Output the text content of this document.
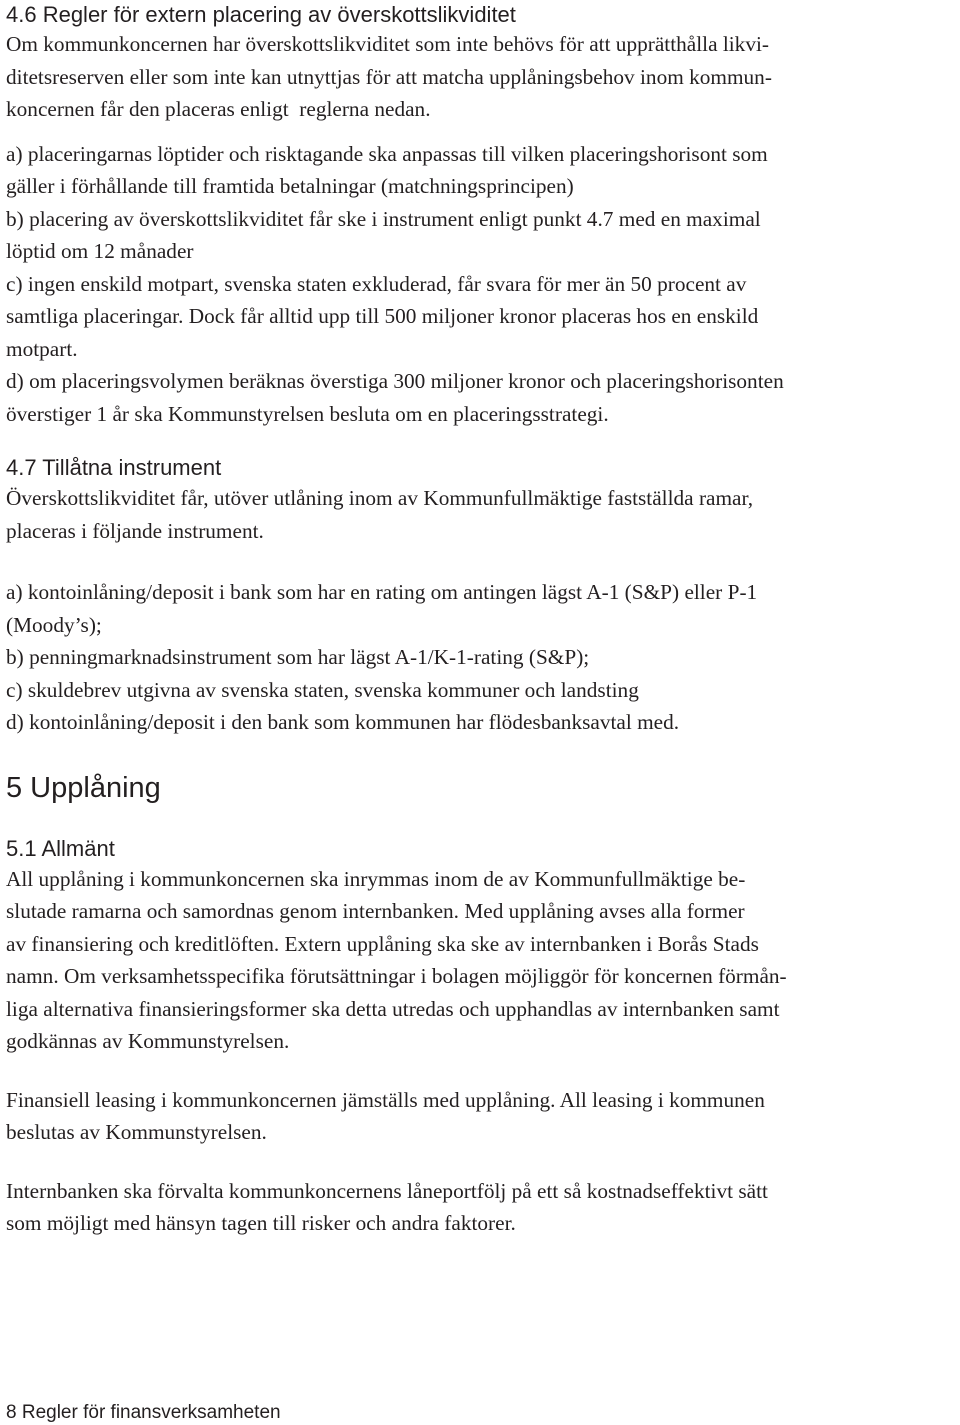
4.6 Regler för extern placering av överskottslikviditet

Om kommunkoncernen har överskottslikviditet som inte behövs för att upprätthålla likvi-
ditetsreserven eller som inte kan utnyttjas för att matcha upplåningsbehov inom kommun-
koncernen får den placeras enligt  reglerna nedan.

a) placeringarnas löptider och risktagande ska anpassas till vilken placeringshorisont som
gäller i förhållande till framtida betalningar (matchningsprincipen)

b) placering av överskottslikviditet får ske i instrument enligt punkt 4.7 med en maximal
löptid om 12 månader

c) ingen enskild motpart, svenska staten exkluderad, får svara för mer än 50 procent av
samtliga placeringar. Dock får alltid upp till 500 miljoner kronor placeras hos en enskild
motpart.

d) om placeringsvolymen beräknas överstiga 300 miljoner kronor och placeringshorisonten
överstiger 1 år ska Kommunstyrelsen besluta om en placeringsstrategi.

4.7 Tillåtna instrument

Överskottslikviditet får, utöver utlåning inom av Kommunfullmäktige fastställda ramar,
placeras i följande instrument.

a) kontoinlåning/deposit i bank som har en rating om antingen lägst A-1 (S&P) eller P-1
(Moody’s);

b) penningmarknadsinstrument som har lägst A-1/K-1-rating (S&P);

c) skuldebrev utgivna av svenska staten, svenska kommuner och landsting

d) kontoinlåning/deposit i den bank som kommunen har flödesbanksavtal med.

5 Upplåning
5.1 Allmänt

All upplåning i kommunkoncernen ska inrymmas inom de av Kommunfullmäktige be-
slutade ramarna och samordnas genom internbanken. Med upplåning avses alla former
av finansiering och kreditlöften. Extern upplåning ska ske av internbanken i Borås Stads
namn. Om verksamhetsspecifika förutsättningar i bolagen möjliggör för koncernen förmån-
liga alternativa finansieringsformer ska detta utredas och upphandlas av internbanken samt
godkännas av Kommunstyrelsen.

Finansiell leasing i kommunkoncernen jämställs med upplåning. All leasing i kommunen
beslutas av Kommunstyrelsen.

Internbanken ska förvalta kommunkoncernens låneportfölj på ett så kostnadseffektivt sätt
som möjligt med hänsyn tagen till risker och andra faktorer.

8 Regler för finansverksamheten
